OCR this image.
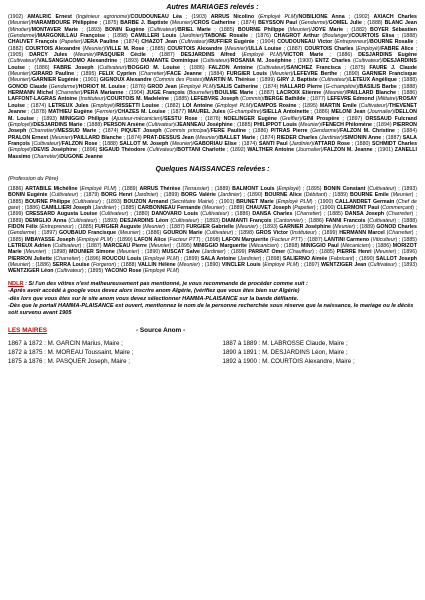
Autres MARIAGES relevés :

(1902) AMALRIC Ernest (Ingénieur agronome)/COUDOUNEAU Léa ; (1903) ARRUS Nicolino (Employé PLM)/NOBILIONE Anna ; (1902) AXIACH Charles (Meunier)/HARAMBOURE Philippine ; (1875) BARBE J. Baptiste (Meunier)/CROS Catherine ; (1874) BEYSSON Paul (Gendarme)/GOMEL Julie ; (1888) BLANC Jean (Minotier)/MONTAVER Marie ; (1893) BONIN Eugène (Cultivateur)/BRIEL Marie ; (1885) BOURNE Philippe (Meunier)/JOYE Marie ; (1882) BOYER Sébastien (Gendarme)/MARGONILLAU Françoise ; (1898) CAMILLERI Louis (Jardinier)/TABONE Rosalie ; (1876) CHAGROT Arthur (Boulanger)/COURTOIS Elisa ; (1888) CHAUVET François (Papetier)/JERA Pauline ; (1874) CHAZOT Jean (Cultivateur)/RUFFIER Eugénie ; (1904) COUDOUNEAU Victor (Entrepreneur)/BOURNE Rosalie ; (1882) COURTOIS Alexandre (Meunier)/VILLE M. Rose ; (1885) COURTOIS Alexandre (Meunier)/ULLA Louise ; (1887) COURTOIS Charles (Employé)/FABRE Alice ; (1905) DARCY Jules (Meunier)/PASQUIER Cécile ; (1887) DESJARDINS Alfred (Employé PLM)/VICTOR Marie ; (1886) DESJARDINS Eugène (Cultivateur)/VALSANGIACOMO Alexandrine ; (1893) DIAMANTE Dominique (Cultivateur)/ROSANIA M. Joséphine ; (1900) ENTZ Charles (Cultivateur)/DESJARDINS Louise ; (1886) FABRE Joseph (Cultivateur)/BOGGIO M. Louise ; (1886) FALZON Antoine (Cultivateur)/SANCHEZ Francisca ; (1875) FAURE J. Claude (Meunier)/GIRARD Pauline ; (1895) FELIX Cyprien (Charretier)/FACE Jeanne ; (1884) FURGIER Louis (Meunier)/LEFEVRE Berthe ; (1890) GARNIER Francisque (Meunier)/GARNIER Eugénie ; (1901) GIGNOUX Alexandre (Commis des Postes)/MARTIN M. Thérèse ; (1899) GIRY J. Baptiste (Cultivateur)/LETEUX Angélique ; (1888) GONOD Claude (Gendarme)/HORIOT M. Louise ; (1876) GROD Jean (Employé PLM)/SALIS Catherine ; (1874) HALLARD Pierre (G-champêtre)/BASILIS Barbe ; (1888) HERMANN Michel (Charretier)/PERA Marianne ; (1904) JUGE François (Bourrelier)/BOULME Marie ; (1887) LACROIX Etienne (Meunier)/PAILLARD Blanche ; (1886) LAFFONT-LAGRAS Antoine (Instituteur)/COURTOIS M. Madeleine ; (1885) LEFEBVRE Joseph (Commis)/BERGE Bathilde ; (1877) LEFEVRE Edmond (Militaire)/ROSAY Louise ; (1874) LETREUX Jules (Employé)/RISSETTI Louise ; (1882) LOI Antoine (Employé PLM)/CAMPOS Rosine ; (1895) MARTIN Emile (Cultivateur)/THEVENET Jeanne ; (1878) MATHIEU Eugène (Fermier)/CHAZES M. Louise ; (1877) MAUREL Jules (G-champêtre)/SIELLA Antoinette ; (1886) MELONI Jean (Journalier)/DELLON M. Louise ; (1893) MINIGGIO Philippe (Ajusteur-mécanicien)/SESTU Rose ; (1876) NOELINGER Eugène (Greffier)/GINI Prospère ; (1897) ORSSAUD Fulcrand (Employé)/DESJARDINS Marie ; (1888) PERSON Arsène (Cultivateur)/JEANNEAU Joséphine ; (1885) PHILIPPOT Louis (Meunier)/FENECH Philomène ; (1894) PIERRON Joseph (Charretier)/MESSUD Marie ; (1874) PIQUET Joseph (Commis principal)/FERE Pauline ; (1886) PITRAS Pierre (Gendarme)/FALZON M. Christine ; (1884) PRALON Ernest (Meunier)/PAILLARD Blanche ; (1874) PRAT-DESSUS Jean (Meunier)/BALLET Marie ; (1874) RIEDER Charles (Jardinier)/SIMONIN Anne ; (1887) SALA François (Cultivateur)/FALZON Rose ; (1888) SALLOT M. Joseph (Meunier)/GABORIAU Elise ; (1874) SANTI Paul (Jardinier)/ATTARD Rose ; (1880) SCHMIDT Charles (Employé)/DEVIS Joséphine ; (1896) SIGAUD Théodore (Cultivateur)/BOTTANI Charlotte ; (1892) WALTHER Antoine (Journalier)/FALZON M. Jeanne ; (1901) ZANELLI Massimo (Charretier)/DUGONE Jeanne

Quelques NAISSANCES relevées :

(Profession du Père)

(1886) ARTABILE Michéline (Employé PLM) ; (1889) ARRUS Thérèse (Terrassier) ; (1889) BALMONT Louis (Employé) ; (1895) BONIN Constant (Cultivateur) ; (1893) BONIN Eugénie (Cultivateur) ; (1879) BORG Henri (Jardinier) ; (1899) BORG Valérie (Jardinier) ; (1890) BOURNE Alice (Débitant) ; (1889) BOURNE Emile (Meunier) ; (1885) BOURNE Philippe (Cultivateur) ; (1893) BOUZON Armand (Secrétaire Mairie) ; (1901) BRUNET Marie (Employé PLM) ; (1900) CALLANDRET Germain (Chef de gare) ; (1886) CAMILLIERI Joseph (Jardinier) ; (1885) CARBONNEAU Fernande (Meunier) ; (1889) CHAUVET Joseph (Papetier) ; (1900) CLERMONT Paul (Commerçant) ; (1899) CRESSARD Augusta Louise (Cultivateur) ; (1880) DANOVARO Louis (Cultivateur) ; (1886) DANSA Charles (Charretier) ; (1885) DANSA Joseph (Charretier) ; (1889) DEMIGLIO Anna (Cultivateur) ; (1893) DESJARDINS Léon (Cultivateur) ; (1893) DIAMANTI François (Cantonnier) ; (1886) FANNI Francois (Cultivateur) ; (1888) FIDON Félix (Entrepreneur) ; (1885) FURGIER Auguste (Meunier) ; (1887) FURGIER Gabrielle (Meunier) ; (1893) GARNIER Joséphine (Meunier) ; (1889) GONOD Charles (Gendarme) ; (1897) GOUBAUD Francisque (Meunier) ; (1886) GOURON Marie (Cultivateur) ; (1898) GROS Victor (Instituteur) ; (1899) HERMANN Marcel (Charretier) ; (1885) IMBAYASSE Joseph (Employé PLM) ; (1899) LAFON Alice (Facteur PTT) ; (1898) LAFON Marguerite (Facteur PTT) ; (1887) LANTINI Carmeno (Viticulteur) ; (1885) LETREUX Adrien (Cultivateur) ; (1887) MARCEAU Pierre (Meunier) ; (1895) MINIGGIO Marguerite (Mécanicien) ; (1898) MINIGGIO Paul (Mécanicien) ; (1886) MORIZOT Marie (Meunier) ; (1898) MOUNIER Simone (Meunier) ; (1890) MUSCAT Salve (Jardinier) ; (1899) PARRAT Omer (Chauffeur) ; (1885) PIERRE Henri (Meunier) ; (1896) PIERRON Juliette (Charretier) ; (1896) ROUCOU Louis (Employé PLM) ; (1899) SALA Antoine (Jardinier) ; (1898) SALIERNO Aimée (Fabricant) ; (1890) SALLOT Joseph (Meunier) ; (1886) SERRA Louise (Forgeron) ; (1888) VALLIN Hélène (Meunier) ; (1890) VINCLER Louis (Employé PLM) ; (1897) WENTZIGER Jean (Cultivateur) ; (1893) WENTZIGER Léon (Cultivateur) ; (1895) YACONO Rose (Employé PLM)

NDLR : Si l'un des vôtres n'est malheureusement pas mentionné, je vous recommande de procéder comme suit :
-Après avoir accédé à google vous devez alors inscrire anom Algérie, (vérifiez que vous êtes bien sur Algérie)
-dès lors que vous êtes sur le site anom vous devez sélectionner HAMMA-PLAISANCE sur la bande défilante.
-Dès que le portail HAMMA-PLAISANCE est ouvert, mentionnez le nom de la personne recherchée sous réserve que la naissance, le mariage ou le décès soit survenu avant 1905

LES MAIRES	- Source Anom -
1867 à 1872 : M. GARCIN Marius, Maire ;	1887 à 1889 : M. LABROSSE Claude, Maire ;
1872 à 1875 : M. MOREAU Toussaint, Maire ;	1890 à 1891 : M. DESJARDINS Léon, Maire ;
1875 à 1876 : M. PASQUER Joseph, Maire ;	1892 à 1900 : M. COURTOIS Alexandre, Maire ;
